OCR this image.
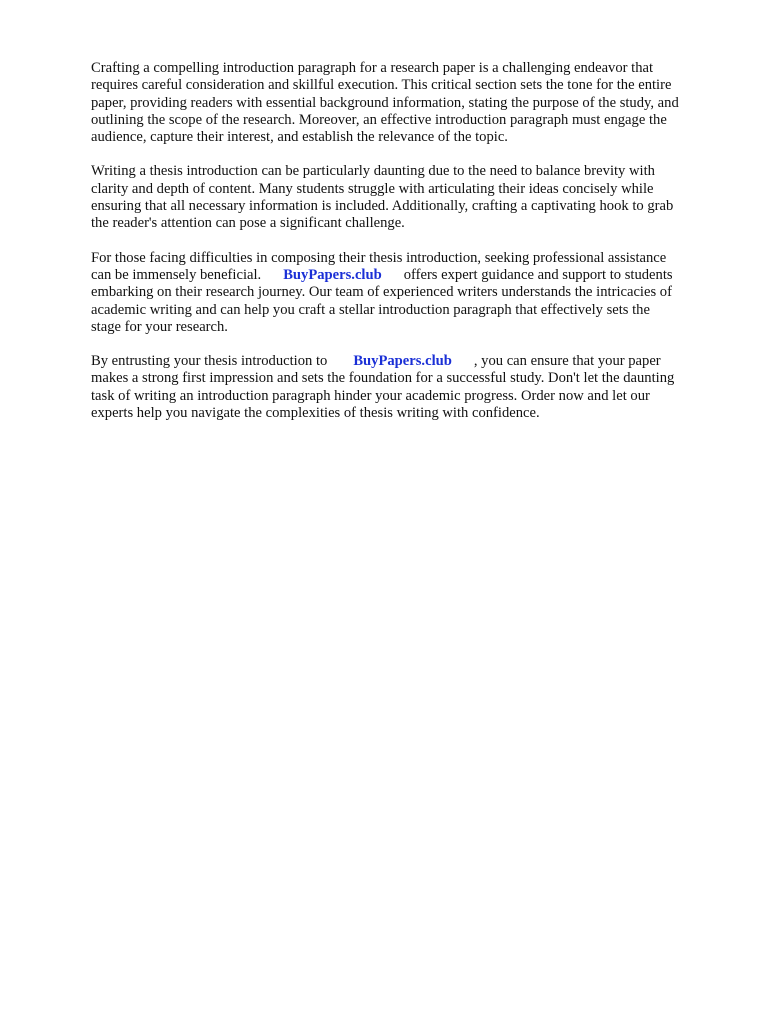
Crafting a compelling introduction paragraph for a research paper is a challenging endeavor that
requires careful consideration and skillful execution. This critical section sets the tone for the entire
paper, providing readers with essential background information, stating the purpose of the study, and
outlining the scope of the research. Moreover, an effective introduction paragraph must engage the
audience, capture their interest, and establish the relevance of the topic.

Writing a thesis introduction can be particularly daunting due to the need to balance brevity with
clarity and depth of content. Many students struggle with articulating their ideas concisely while
ensuring that all necessary information is included. Additionally, crafting a captivating hook to grab
the reader's attention can pose a significant challenge.

For those facing difficulties in composing their thesis introduction, seeking professional assistance
can be immensely beneficial. BuyPapers.club offers expert guidance and support to students
embarking on their research journey. Our team of experienced writers understands the intricacies of
academic writing and can help you craft a stellar introduction paragraph that effectively sets the
stage for your research.

By entrusting your thesis introduction to BuyPapers.club , you can ensure that your paper
makes a strong first impression and sets the foundation for a successful study. Don't let the daunting
task of writing an introduction paragraph hinder your academic progress. Order now and let our
experts help you navigate the complexities of thesis writing with confidence.
